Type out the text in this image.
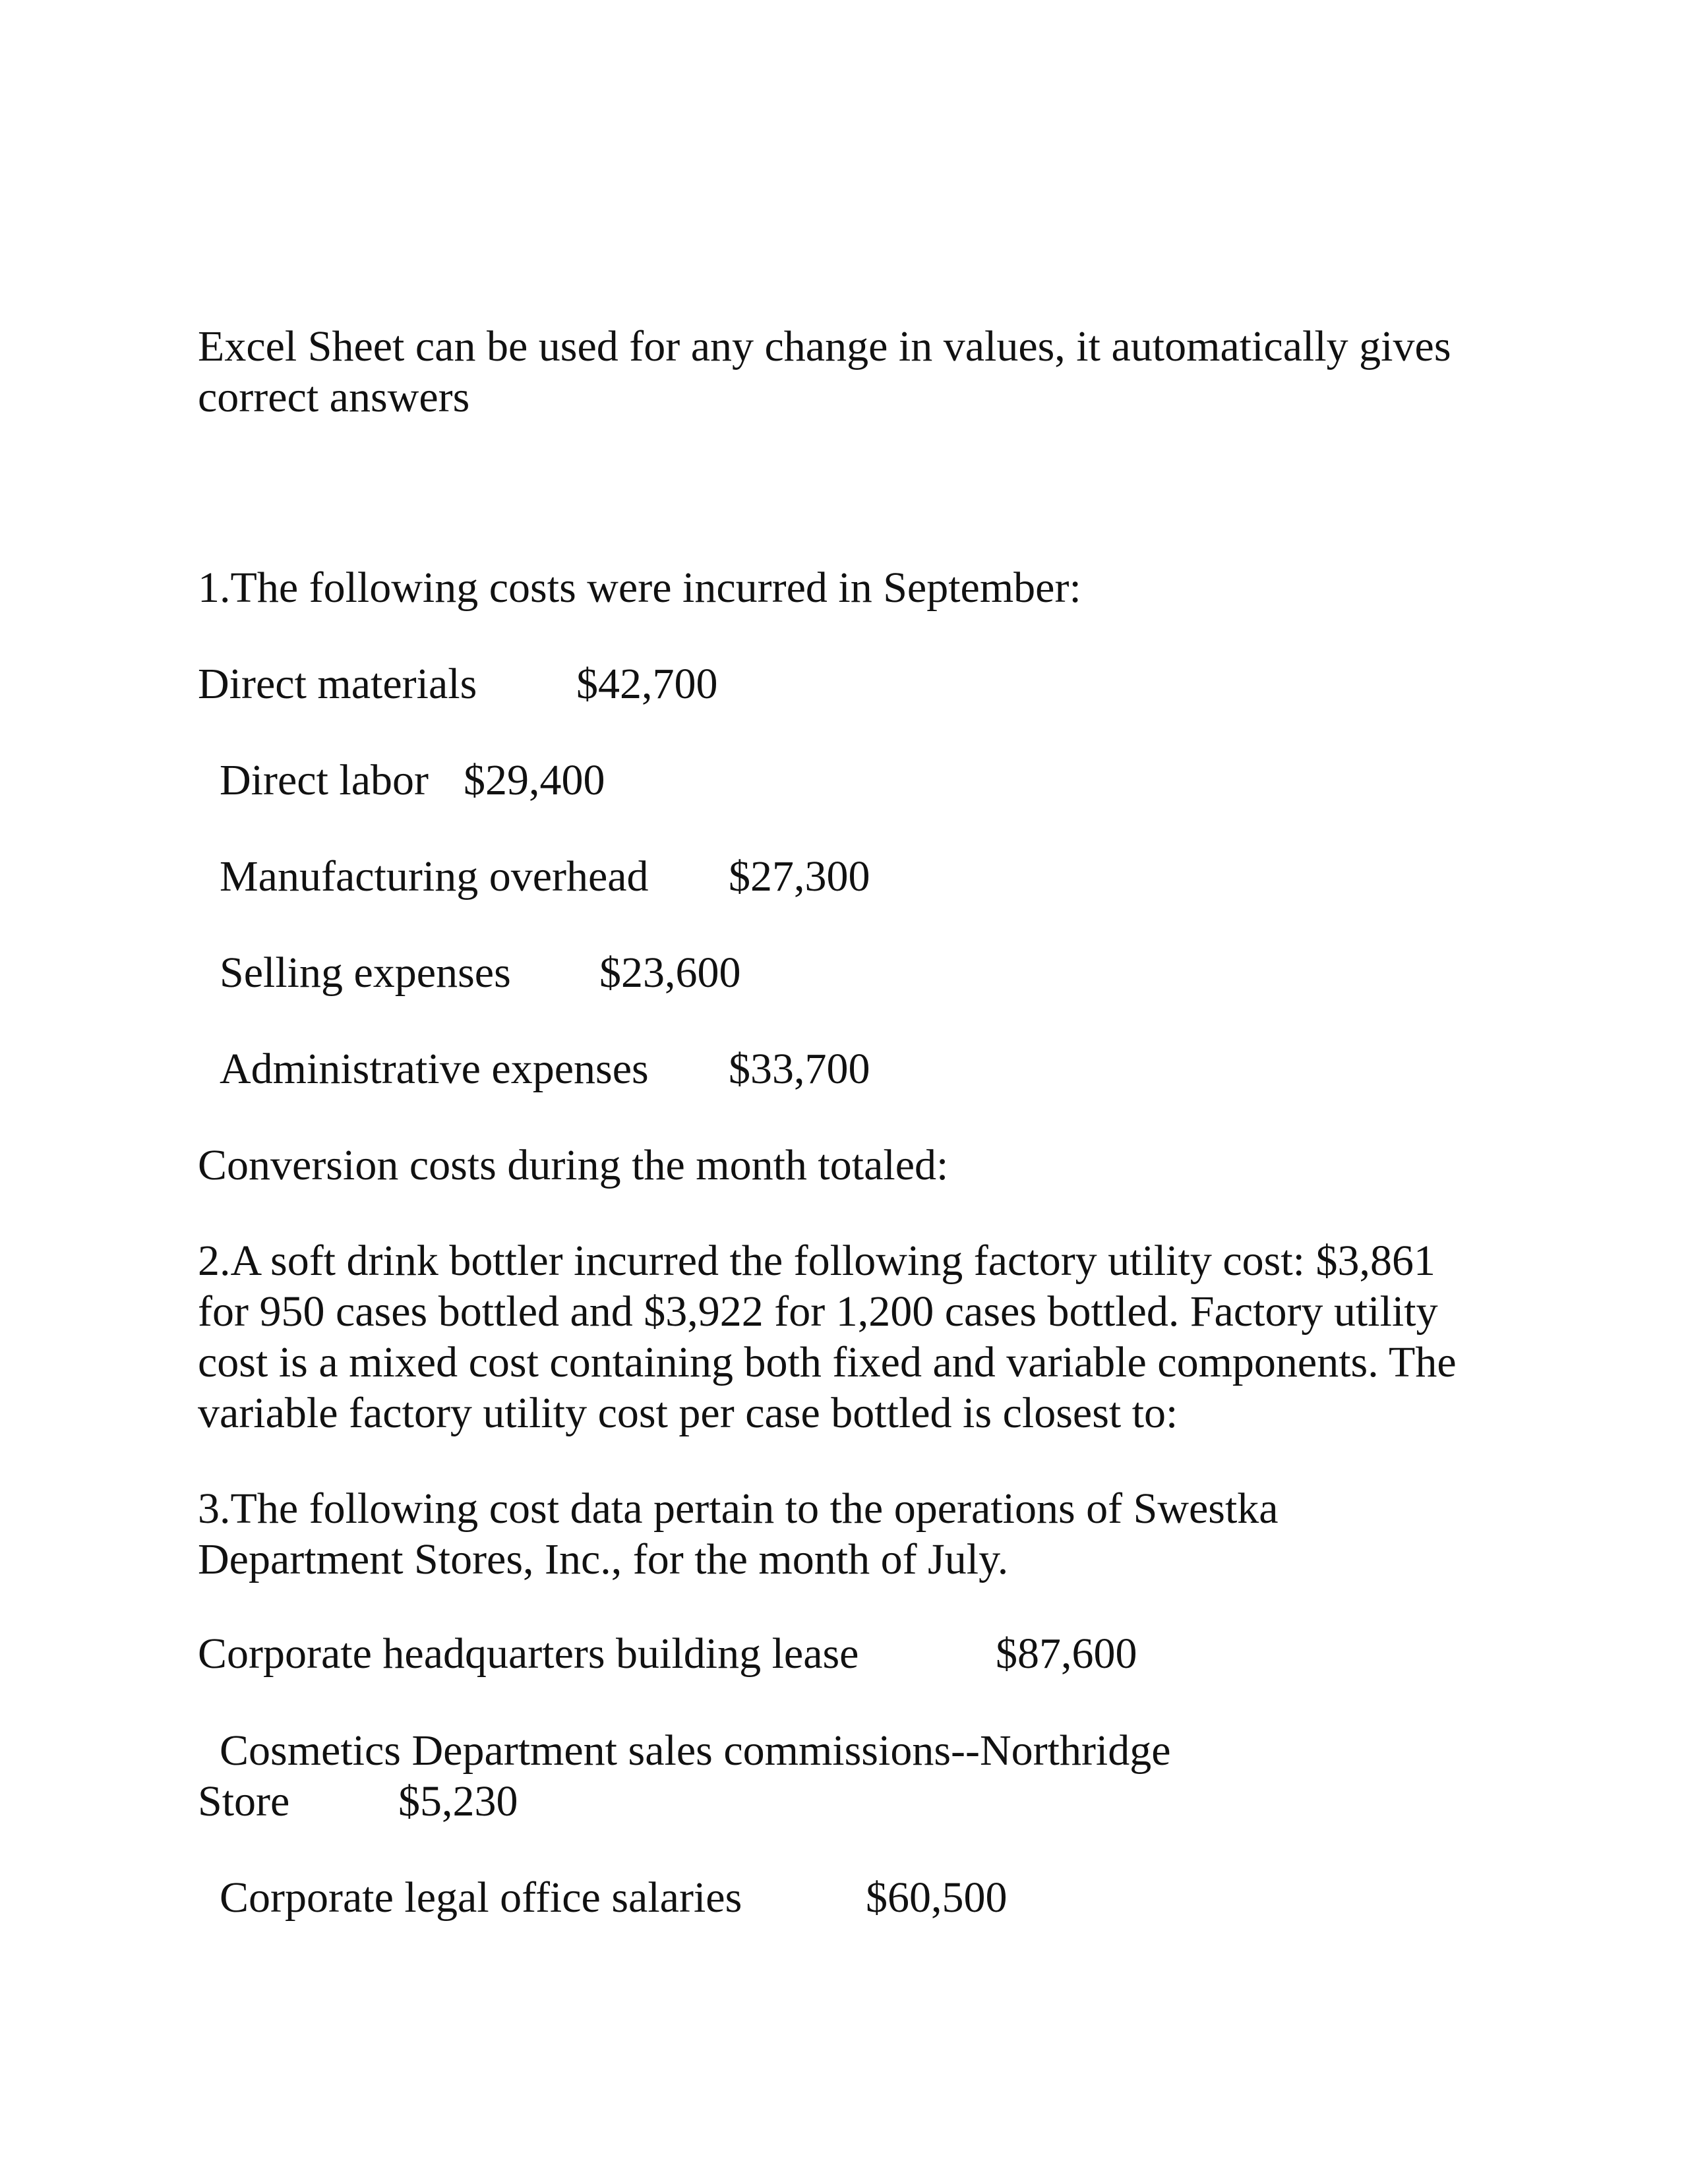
Excel Sheet can be used for any change in values, it automatically gives
correct answers

1.The following costs were incurred in September:

Direct materials $42,700
Direct labor $29,400
Manufacturing overhead $27,300
Selling expenses $23,600
Administrative expenses $33,700

Conversion costs during the month totaled:

2.A soft drink bottler incurred the following factory utility cost: $3,861
for 950 cases bottled and $3,922 for 1,200 cases bottled. Factory utility
cost is a mixed cost containing both fixed and variable components. The
variable factory utility cost per case bottled is closest to:
3.The following cost data pertain to the operations of Swestka
Department Stores, Inc., for the month of July.
Corporate headquarters building lease	$87,600
Cosmetics Department sales commissions--Northridge
Store $5,230
Corporate legal office salaries	$60,500
